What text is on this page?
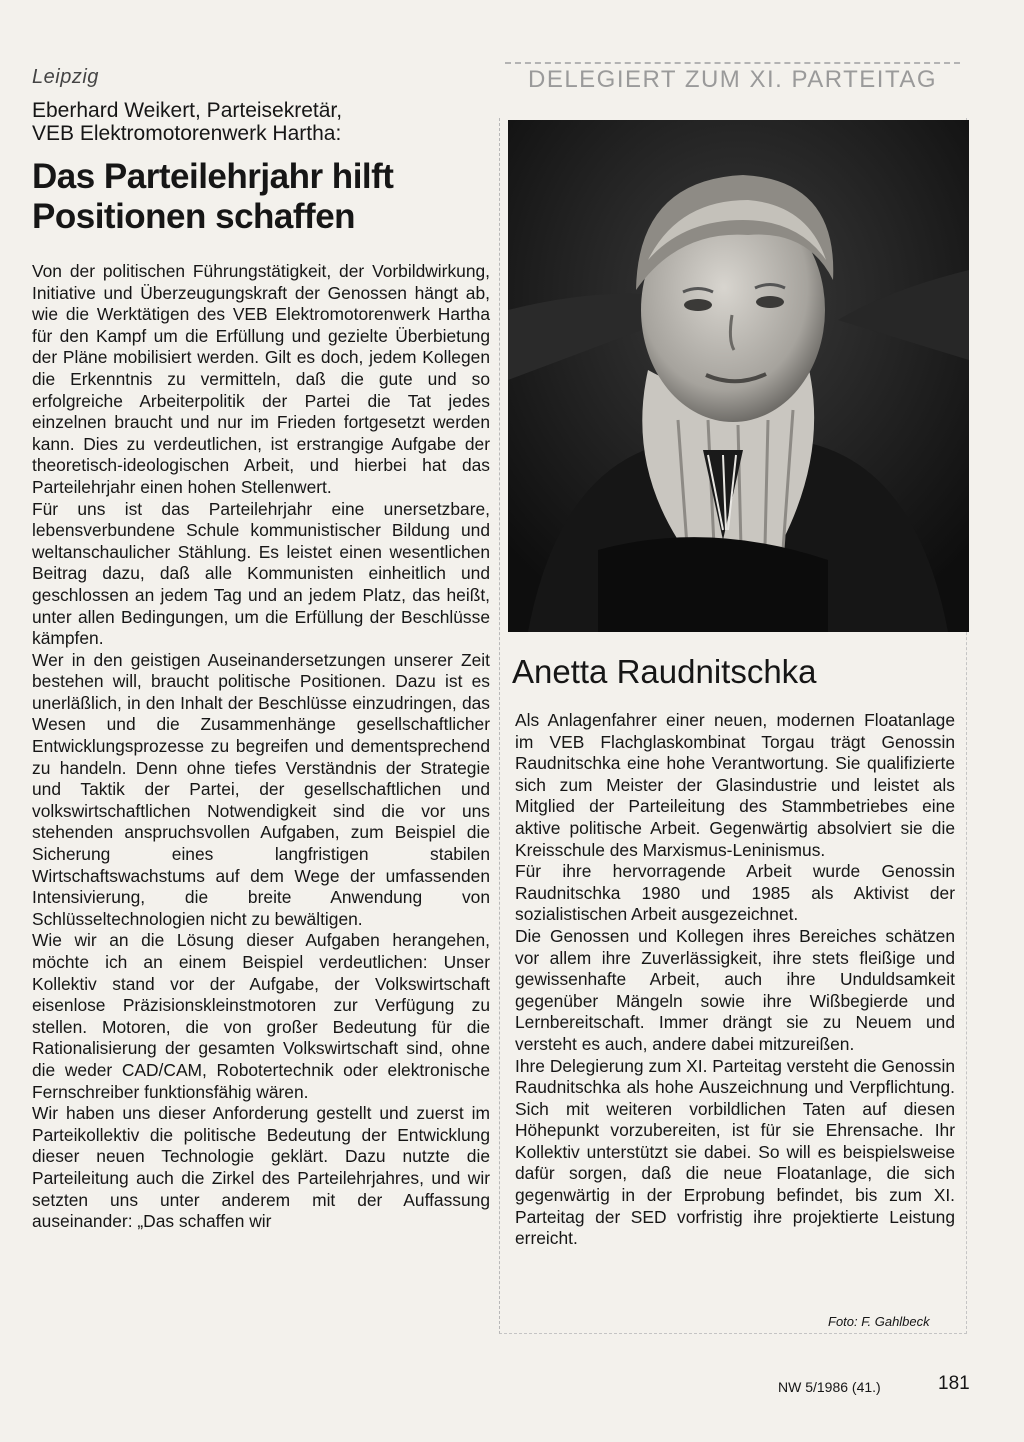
Leipzig
Eberhard Weikert, Parteisekretär,
VEB Elektromotorenwerk Hartha:
Das Parteilehrjahr hilft
Positionen schaffen

Von der politischen Führungstätigkeit, der Vorbildwirkung, Initiative und Überzeugungskraft der Genossen hängt ab, wie die Werktätigen des VEB Elektromotorenwerk Hartha für den Kampf um die Erfüllung und gezielte Überbietung der Pläne mobilisiert werden. Gilt es doch, jedem Kollegen die Erkenntnis zu vermitteln, daß die gute und so erfolgreiche Arbeiterpolitik der Partei die Tat jedes einzelnen braucht und nur im Frieden fortgesetzt werden kann. Dies zu verdeutlichen, ist erstrangige Aufgabe der theoretisch-ideologischen Arbeit, und hierbei hat das Parteilehrjahr einen hohen Stellenwert.

Für uns ist das Parteilehrjahr eine unersetzbare, lebensverbundene Schule kommunistischer Bildung und weltanschaulicher Stählung. Es leistet einen wesentlichen Beitrag dazu, daß alle Kommunisten einheitlich und geschlossen an jedem Tag und an jedem Platz, das heißt, unter allen Bedingungen, um die Erfüllung der Beschlüsse kämpfen.

Wer in den geistigen Auseinandersetzungen unserer Zeit bestehen will, braucht politische Positionen. Dazu ist es unerläßlich, in den Inhalt der Beschlüsse einzudringen, das Wesen und die Zusammenhänge gesellschaftlicher Entwicklungsprozesse zu begreifen und dementsprechend zu handeln. Denn ohne tiefes Verständnis der Strategie und Taktik der Partei, der gesellschaftlichen und volkswirtschaftlichen Notwendigkeit sind die vor uns stehenden anspruchsvollen Aufgaben, zum Beispiel die Sicherung eines langfristigen stabilen Wirtschaftswachstums auf dem Wege der umfassenden Intensivierung, die breite Anwendung von Schlüsseltechnologien nicht zu bewältigen.

Wie wir an die Lösung dieser Aufgaben herangehen, möchte ich an einem Beispiel verdeutlichen: Unser Kollektiv stand vor der Aufgabe, der Volkswirtschaft eisenlose Präzisionskleinstmotoren zur Verfügung zu stellen. Motoren, die von großer Bedeutung für die Rationalisierung der gesamten Volkswirtschaft sind, ohne die weder CAD/CAM, Robotertechnik oder elektronische Fernschreiber funktionsfähig wären.

Wir haben uns dieser Anforderung gestellt und zuerst im Parteikollektiv die politische Bedeutung der Entwicklung dieser neuen Technologie geklärt. Dazu nutzte die Parteileitung auch die Zirkel des Parteilehrjahres, und wir setzten uns unter anderem mit der Auffassung auseinander: „Das schaffen wir

DELEGIERT ZUM XI. PARTEITAG
Anetta Raudnitschka

Als Anlagenfahrer einer neuen, modernen Floatanlage im VEB Flachglaskombinat Torgau trägt Genossin Raudnitschka eine hohe Verantwortung. Sie qualifizierte sich zum Meister der Glasindustrie und leistet als Mitglied der Parteileitung des Stammbetriebes eine aktive politische Arbeit. Gegenwärtig absolviert sie die Kreisschule des Marxismus-Leninismus.

Für ihre hervorragende Arbeit wurde Genossin Raudnitschka 1980 und 1985 als Aktivist der sozialistischen Arbeit ausgezeichnet.

Die Genossen und Kollegen ihres Bereiches schätzen vor allem ihre Zuverlässigkeit, ihre stets fleißige und gewissenhafte Arbeit, auch ihre Unduldsamkeit gegenüber Mängeln sowie ihre Wißbegierde und Lernbereitschaft. Immer drängt sie zu Neuem und versteht es auch, andere dabei mitzureißen.

Ihre Delegierung zum XI. Parteitag versteht die Genossin Raudnitschka als hohe Auszeichnung und Verpflichtung. Sich mit weiteren vorbildlichen Taten auf diesen Höhepunkt vorzubereiten, ist für sie Ehrensache. Ihr Kollektiv unterstützt sie dabei. So will es beispielsweise dafür sorgen, daß die neue Floatanlage, die sich gegenwärtig in der Erprobung befindet, bis zum XI. Parteitag der SED vorfristig ihre projektierte Leistung erreicht.

Foto: F. Gahlbeck
NW 5/1986 (41.)	181
